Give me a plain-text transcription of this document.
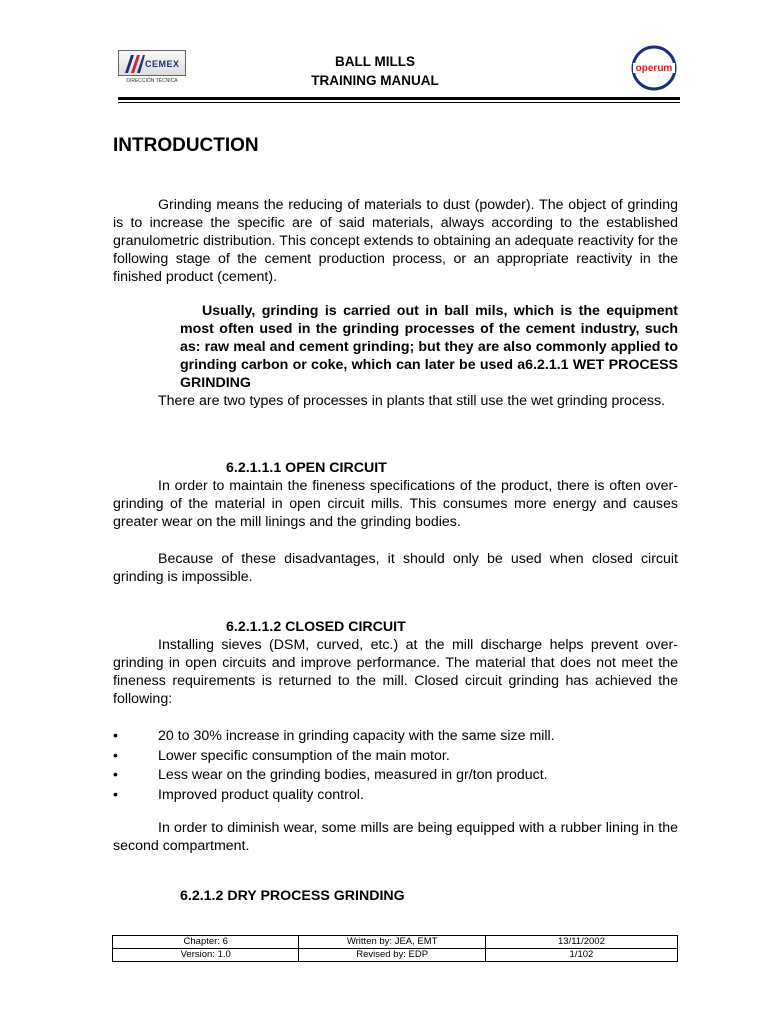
CEMEX
DIRECCIÓN TÉCNICA
BALL MILLS
TRAINING MANUAL
operum
INTRODUCTION
Grinding means the reducing of materials to dust (powder). The object of grinding is to increase the specific are of said materials, always according to the established granulometric distribution. This concept extends to obtaining an adequate reactivity for the following stage of the cement production process, or an appropriate reactivity in the finished product (cement).
Usually, grinding is carried out in ball mils, which is the equipment most often used in the grinding processes of the cement industry, such as: raw meal and cement grinding; but they are also commonly applied to grinding carbon or coke, which can later be used a6.2.1.1 WET PROCESS GRINDING
There are two types of processes in plants that still use the wet grinding process.
6.2.1.1.1 OPEN CIRCUIT
In order to maintain the fineness specifications of the product, there is often over-grinding of the material in open circuit mills. This consumes more energy and causes greater wear on the mill linings and the grinding bodies.
Because of these disadvantages, it should only be used when closed circuit grinding is impossible.
6.2.1.1.2 CLOSED CIRCUIT
Installing sieves (DSM, curved, etc.) at the mill discharge helps prevent over-grinding in open circuits and improve performance. The material that does not meet the fineness requirements is returned to the mill. Closed circuit grinding has achieved the following:
•	20 to 30% increase in grinding capacity with the same size mill.
•	Lower specific consumption of the main motor.
•	Less wear on the grinding bodies, measured in gr/ton product.
•	Improved product quality control.
In order to diminish wear, some mills are being equipped with a rubber lining in the second compartment.
6.2.1.2 DRY PROCESS GRINDING
Chapter: 6	Written by: JEA, EMT	13/11/2002
Version: 1.0	Revised by: EDP	1/102
